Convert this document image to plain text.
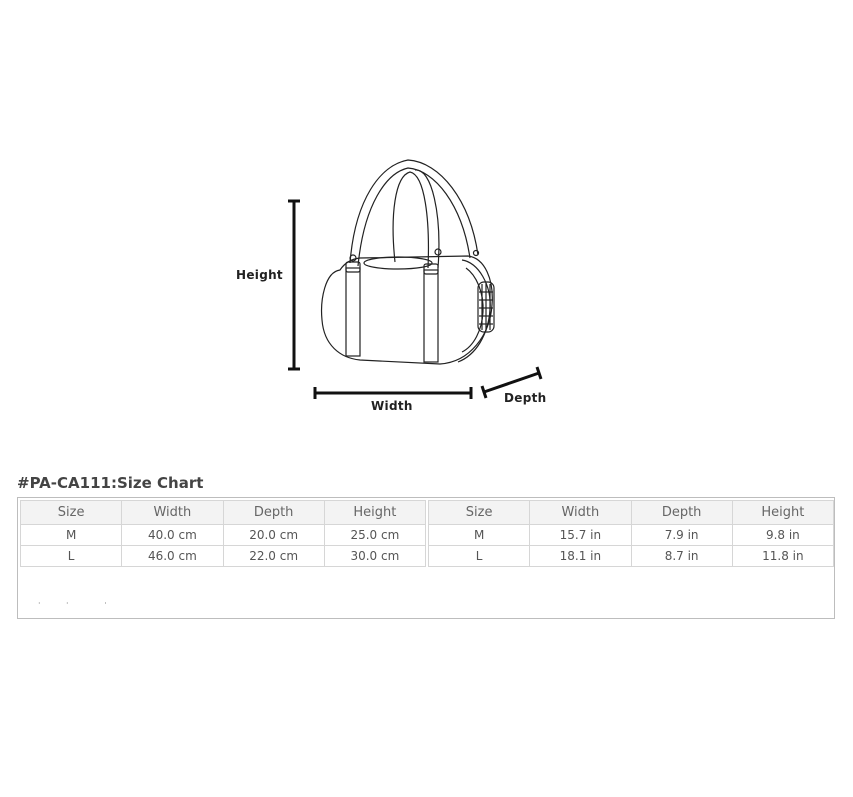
Height
Width
Depth
#PA-CA111:Size Chart
Size	Width	Depth	Height
M	40.0 cm	20.0 cm	25.0 cm
L	46.0 cm	22.0 cm	30.0 cm
Size	Width	Depth	Height
M	15.7 in	7.9 in	9.8 in
L	18.1 in	8.7 in	11.8 in
·          ·              ·
